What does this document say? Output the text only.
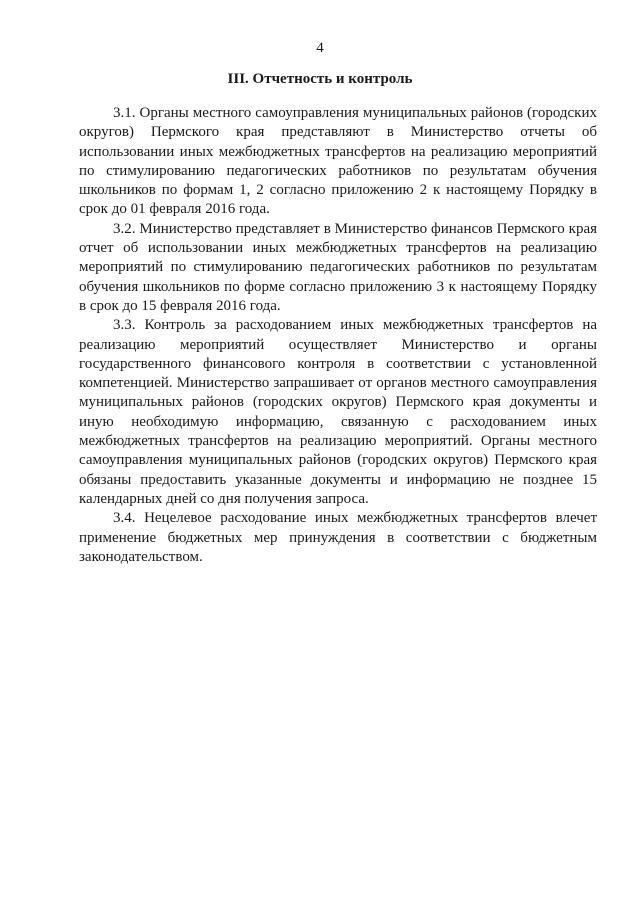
4
III. Отчетность и контроль

3.1. Органы местного самоуправления муниципальных районов (городских округов) Пермского края представляют в Министерство отчеты об использовании иных межбюджетных трансфертов на реализацию мероприятий по стимулированию педагогических работников по результатам обучения школьников по формам 1, 2 согласно приложению 2 к настоящему Порядку в срок до 01 февраля 2016 года.

3.2. Министерство представляет в Министерство финансов Пермского края отчет об использовании иных межбюджетных трансфертов на реализацию мероприятий по стимулированию педагогических работников по результатам обучения школьников по форме согласно приложению 3 к настоящему Порядку в срок до 15 февраля 2016 года.

3.3. Контроль за расходованием иных межбюджетных трансфертов на реализацию мероприятий осуществляет Министерство и органы государственного финансового контроля в соответствии с установленной компетенцией. Министерство запрашивает от органов местного самоуправления муниципальных районов (городских округов) Пермского края документы и иную необходимую информацию, связанную с расходованием иных межбюджетных трансфертов на реализацию мероприятий. Органы местного самоуправления муниципальных районов (городских округов) Пермского края обязаны предоставить указанные документы и информацию не позднее 15 календарных дней со дня получения запроса.

3.4. Нецелевое расходование иных межбюджетных трансфертов влечет применение бюджетных мер принуждения в соответствии с бюджетным законодательством.
